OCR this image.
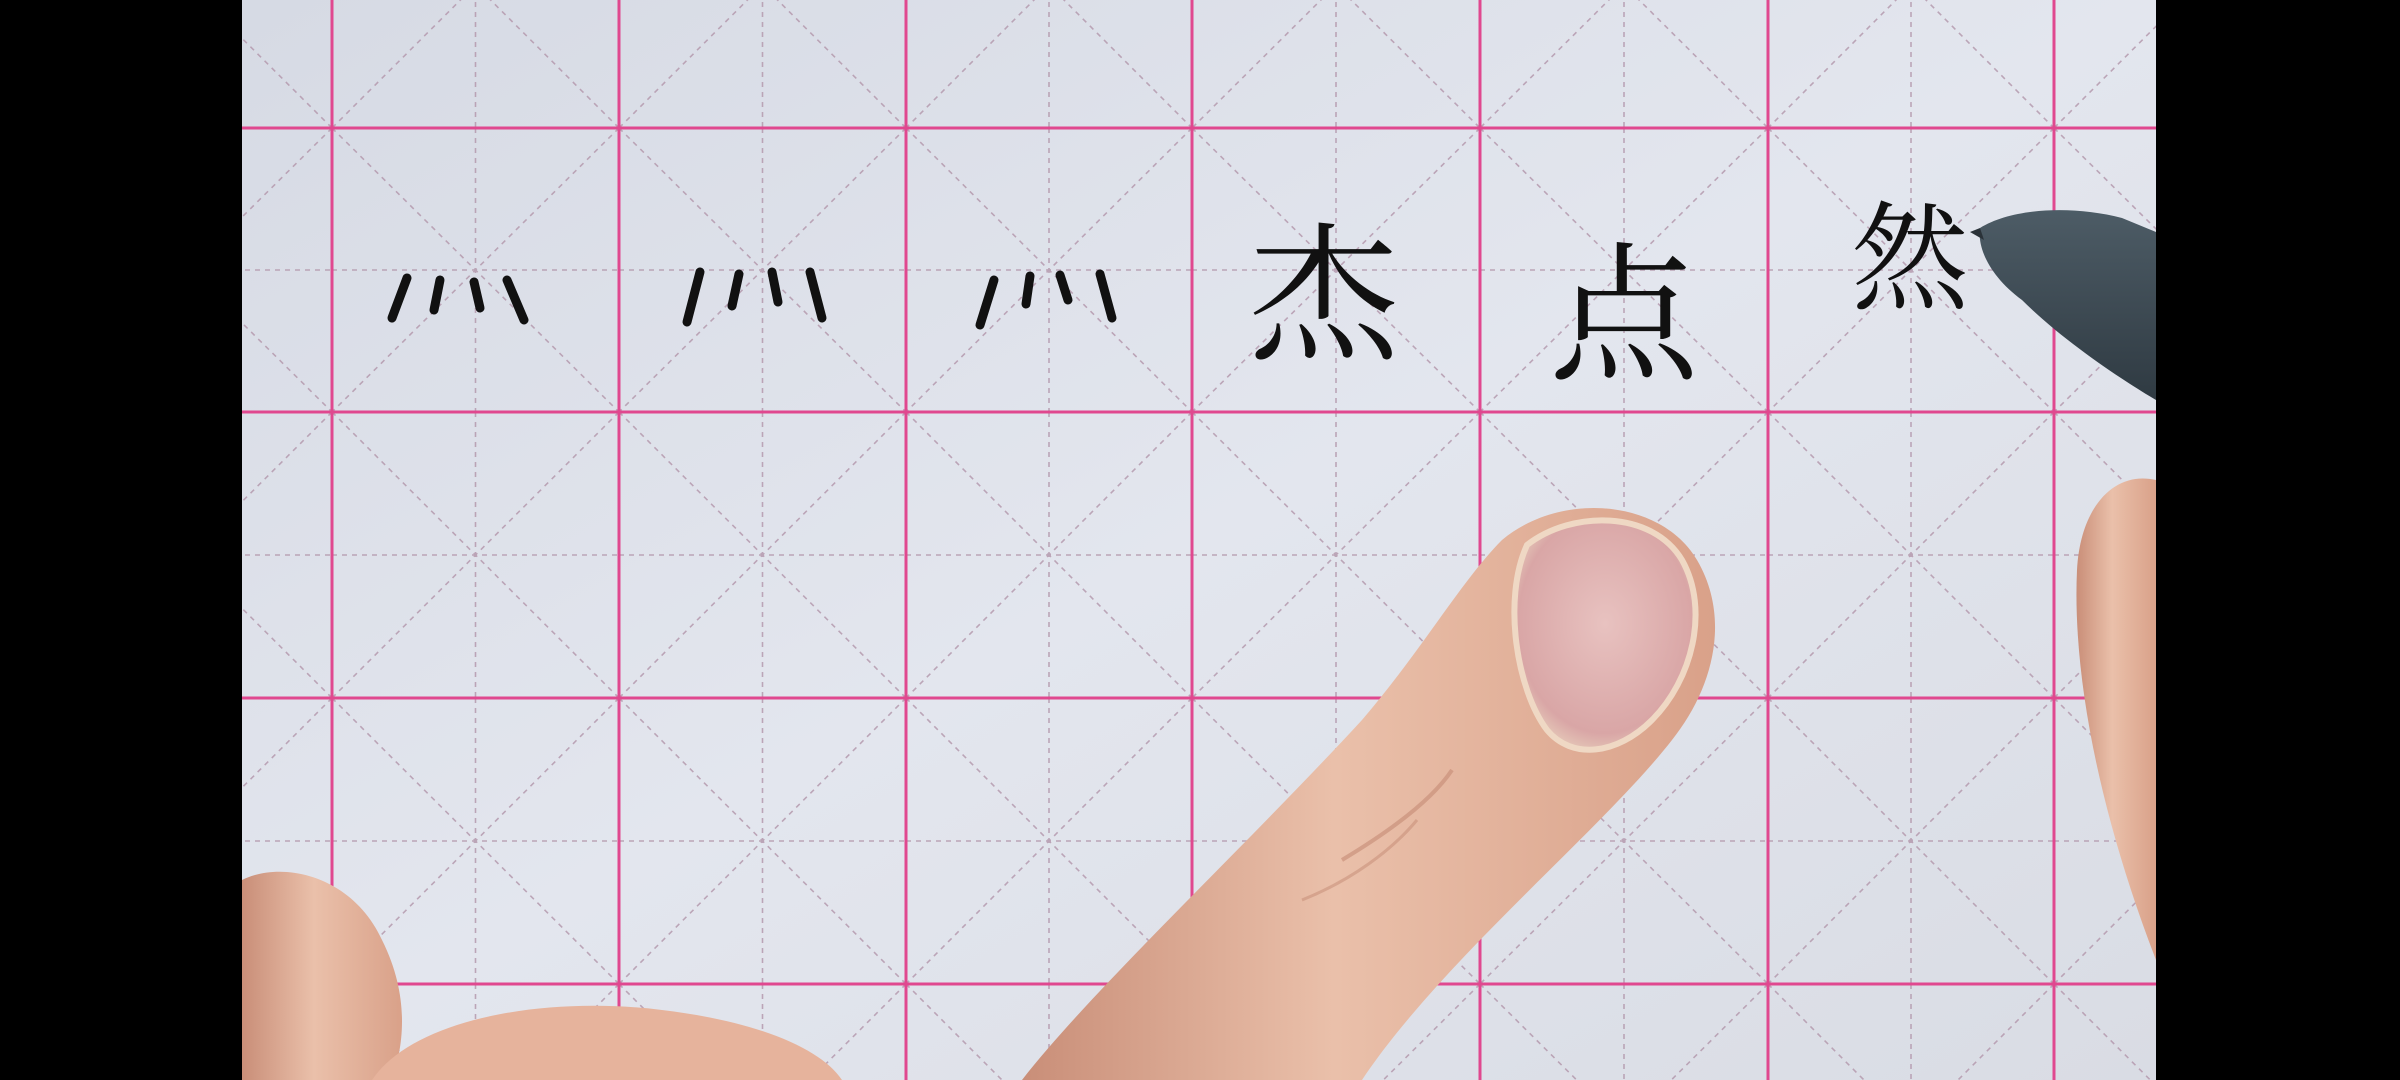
杰 点 然
